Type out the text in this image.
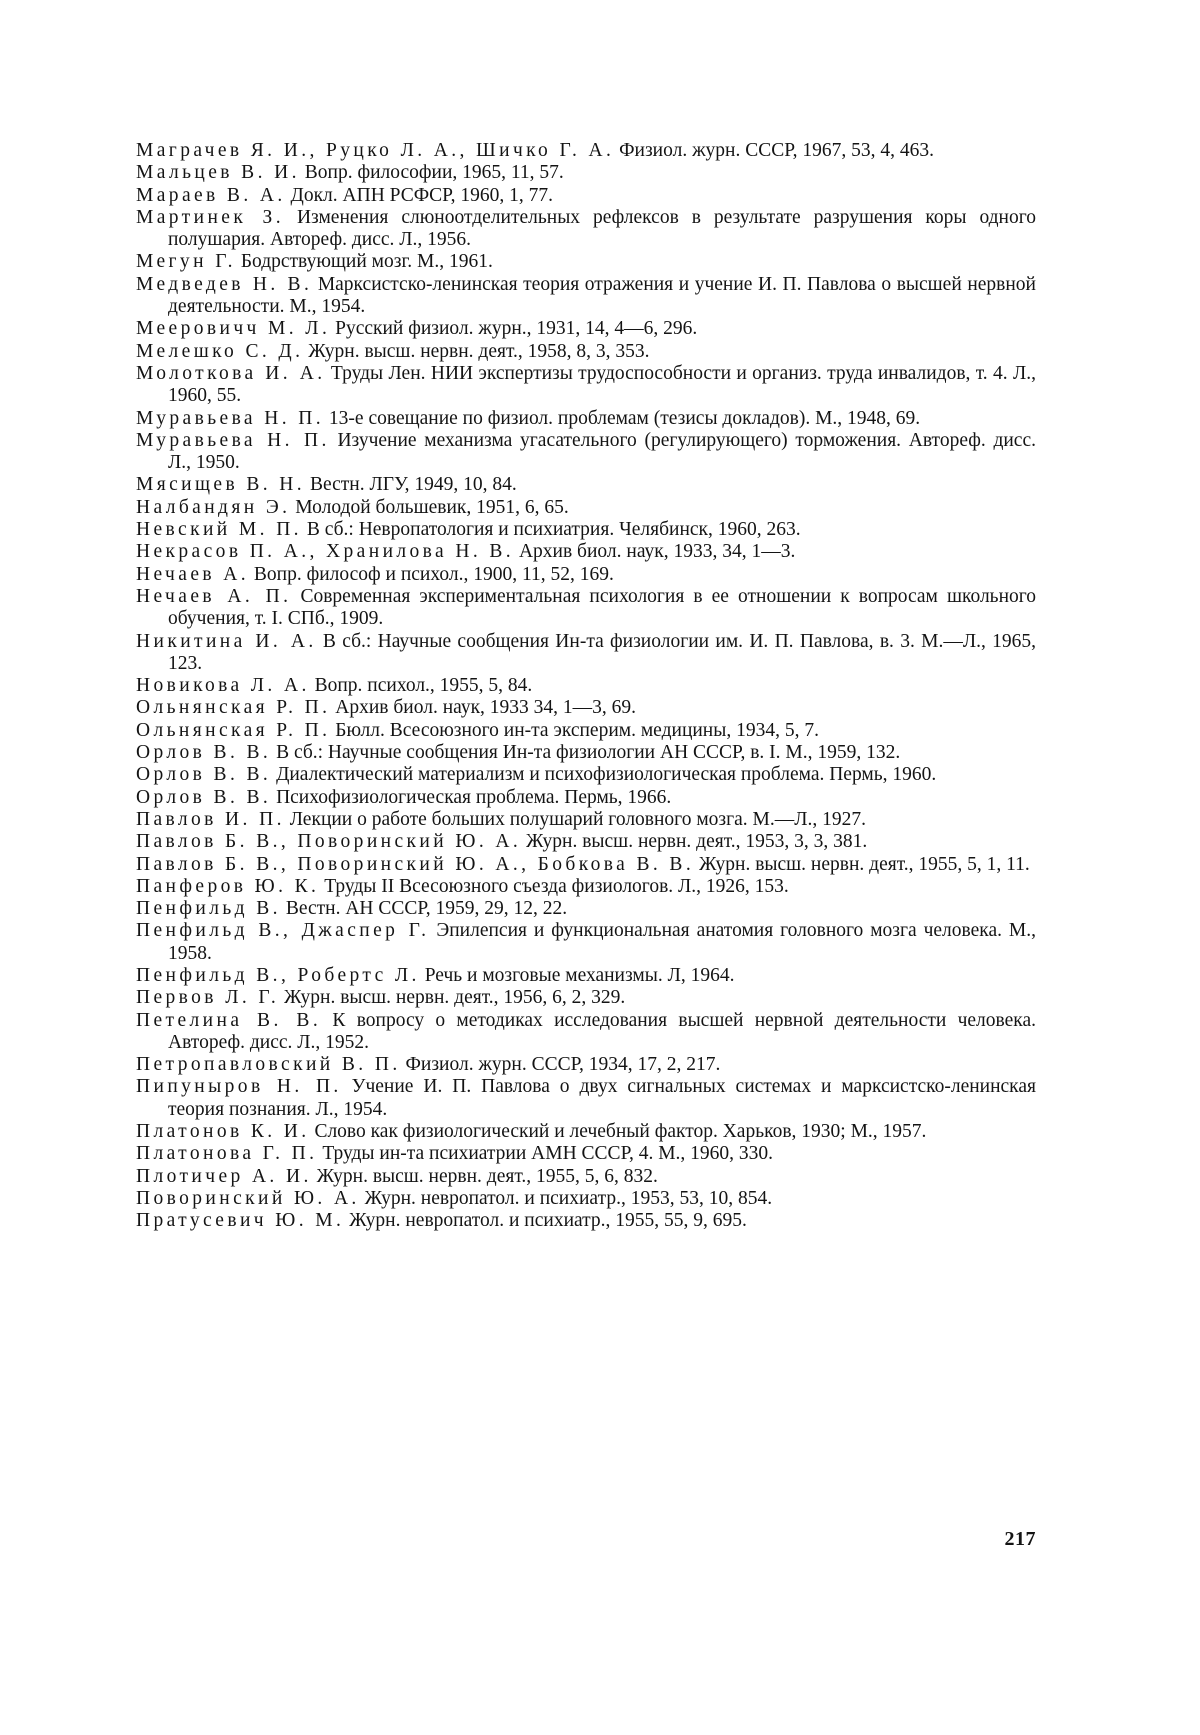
Маграчев Я. И., Руцко Л. А., Шичко Г. А. Физиол. журн. СССР, 1967, 53, 4, 463.

Мальцев В. И. Вопр. философии, 1965, 11, 57.

Мараев В. А. Докл. АПН РСФСР, 1960, 1, 77.

Мартинек З. Изменения слюноотделительных рефлексов в результате разрушения коры одного полушария. Автореф. дисс. Л., 1956.

Мегун Г. Бодрствующий мозг. М., 1961.

Медведев Н. В. Марксистско-ленинская теория отражения и учение И. П. Павлова о высшей нервной деятельности. М., 1954.

Мееровичч М. Л. Русский физиол. журн., 1931, 14, 4—6, 296.

Мелешко С. Д. Журн. высш. нервн. деят., 1958, 8, 3, 353.

Молоткова И. А. Труды Лен. НИИ экспертизы трудоспособности и организ. труда инвалидов, т. 4. Л., 1960, 55.

Муравьева Н. П. 13-е совещание по физиол. проблемам (тезисы докладов). М., 1948, 69.

Муравьева Н. П. Изучение механизма угасательного (регулирующего) торможения. Автореф. дисс. Л., 1950.

Мясищев В. Н. Вестн. ЛГУ, 1949, 10, 84.

Налбандян Э. Молодой большевик, 1951, 6, 65.

Невский М. П. В сб.: Невропатология и психиатрия. Челябинск, 1960, 263.

Некрасов П. А., Хранилова Н. В. Архив биол. наук, 1933, 34, 1—3.

Нечаев А. Вопр. философ и психол., 1900, 11, 52, 169.

Нечаев А. П. Современная экспериментальная психология в ее отношении к вопросам школьного обучения, т. I. СПб., 1909.

Никитина И. А. В сб.: Научные сообщения Ин-та физиологии им. И. П. Павлова, в. 3. М.—Л., 1965, 123.

Новикова Л. А. Вопр. психол., 1955, 5, 84.

Ольнянская Р. П. Архив биол. наук, 1933 34, 1—3, 69.

Ольнянская Р. П. Бюлл. Всесоюзного ин-та эксперим. медицины, 1934, 5, 7.

Орлов В. В. В сб.: Научные сообщения Ин-та физиологии АН СССР, в. I. М., 1959, 132.

Орлов В. В. Диалектический материализм и психофизиологическая проблема. Пермь, 1960.

Орлов В. В. Психофизиологическая проблема. Пермь, 1966.

Павлов И. П. Лекции о работе больших полушарий головного мозга. М.—Л., 1927.

Павлов Б. В., Поворинский Ю. А. Журн. высш. нервн. деят., 1953, 3, 3, 381.

Павлов Б. В., Поворинский Ю. А., Бобкова В. В. Журн. высш. нервн. деят., 1955, 5, 1, 11.

Панферов Ю. К. Труды II Всесоюзного съезда физиологов. Л., 1926, 153.

Пенфильд В. Вестн. АН СССР, 1959, 29, 12, 22.

Пенфильд В., Джаспер Г. Эпилепсия и функциональная анатомия головного мозга человека. М., 1958.

Пенфильд В., Робертс Л. Речь и мозговые механизмы. Л, 1964.

Первов Л. Г. Журн. высш. нервн. деят., 1956, 6, 2, 329.

Петелина В. В. К вопросу о методиках исследования высшей нервной деятельности человека. Автореф. дисс. Л., 1952.

Петропавловский В. П. Физиол. журн. СССР, 1934, 17, 2, 217.

Пипуныров Н. П. Учение И. П. Павлова о двух сигнальных системах и марксистско-ленинская теория познания. Л., 1954.

Платонов К. И. Слово как физиологический и лечебный фактор. Харьков, 1930; М., 1957.

Платонова Г. П. Труды ин-та психиатрии АМН СССР, 4. М., 1960, 330.

Плотичер А. И. Журн. высш. нервн. деят., 1955, 5, 6, 832.

Поворинский Ю. А. Журн. невропатол. и психиатр., 1953, 53, 10, 854.

Пратусевич Ю. М. Журн. невропатол. и психиатр., 1955, 55, 9, 695.

217
